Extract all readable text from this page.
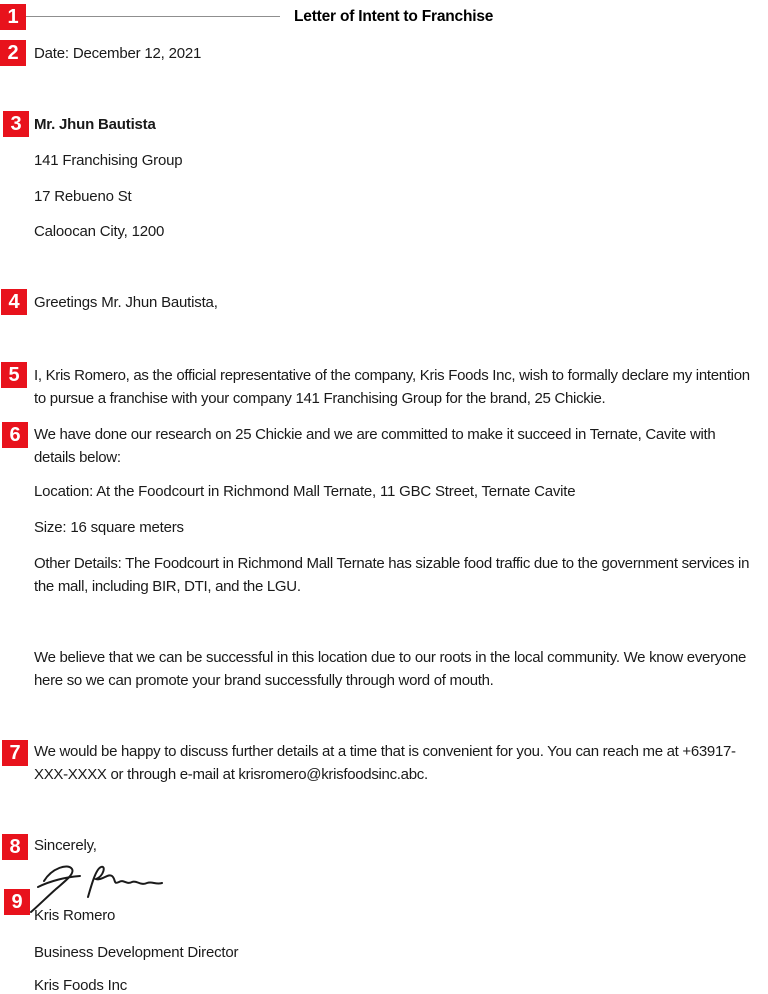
Letter of Intent to Franchise
Date: December 12, 2021
Mr. Jhun Bautista
141 Franchising Group
17 Rebueno St
Caloocan City, 1200
Greetings Mr. Jhun Bautista,
I, Kris Romero, as the official representative of the company, Kris Foods Inc, wish to formally declare my intention to pursue a franchise with your company 141 Franchising Group for the brand, 25 Chickie.
We have done our research on 25 Chickie and we are committed to make it succeed in Ternate, Cavite with details below:
Location: At the Foodcourt in Richmond Mall Ternate, 11 GBC Street, Ternate Cavite
Size: 16 square meters
Other Details: The Foodcourt in Richmond Mall Ternate has sizable food traffic due to the government services in the mall, including BIR, DTI, and the LGU.
We believe that we can be successful in this location due to our roots in the local community. We know everyone here so we can promote your brand successfully through word of mouth.
We would be happy to discuss further details at a time that is convenient for you. You can reach me at +63917-XXX-XXXX or through e-mail at krisromero@krisfoodsinc.abc.
Sincerely,
Kris Romero
Business Development Director
Kris Foods Inc
1
2
3
4
5
6
7
8
9
